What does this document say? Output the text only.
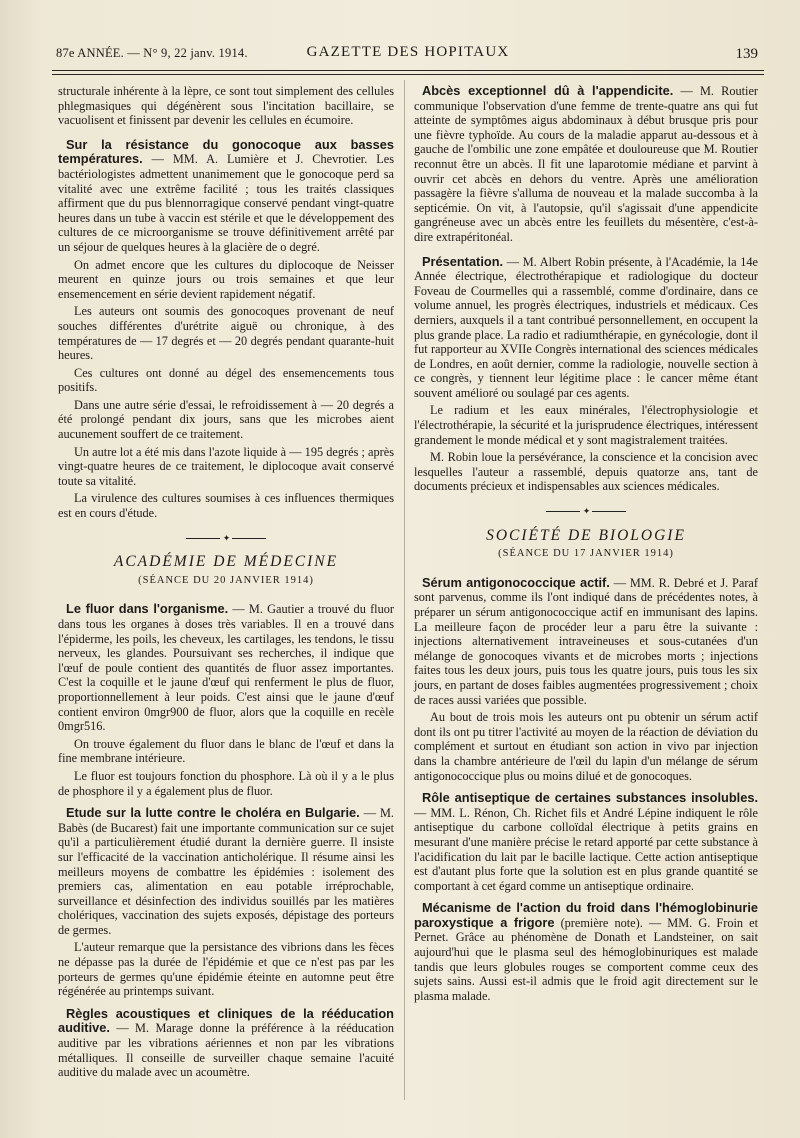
87e ANNÉE. — N° 9, 22 janv. 1914.	GAZETTE DES HOPITAUX	139

structurale inhérente à la lèpre, ce sont tout simplement des cellules phlegmasiques qui dégénèrent sous l'incitation bacillaire, se vacuolisent et finissent par devenir les cellules en écumoire.

Sur la résistance du gonocoque aux basses températures. — MM. A. Lumière et J. Chevrotier. Les bactériologistes admettent unanimement que le gonocoque perd sa vitalité avec une extrême facilité ; tous les traités classiques affirment que du pus blennorragique conservé pendant vingt-quatre heures dans un tube à vaccin est stérile et que le développement des cultures de ce microorganisme se trouve définitivement arrêté par un séjour de quelques heures à la glacière de o degré.

On admet encore que les cultures du diplocoque de Neisser meurent en quinze jours ou trois semaines et que leur ensemencement en série devient rapidement négatif.

Les auteurs ont soumis des gonocoques provenant de neuf souches différentes d'urétrite aiguë ou chronique, à des températures de — 17 degrés et — 20 degrés pendant quarante-huit heures.

Ces cultures ont donné au dégel des ensemencements tous positifs.

Dans une autre série d'essai, le refroidissement à — 20 degrés a été prolongé pendant dix jours, sans que les microbes aient aucunement souffert de ce traitement.

Un autre lot a été mis dans l'azote liquide à — 195 degrés ; après vingt-quatre heures de ce traitement, le diplocoque avait conservé toute sa vitalité.

La virulence des cultures soumises à ces influences thermiques est en cours d'étude.

✦

ACADÉMIE DE MÉDECINE

(SÉANCE DU 20 JANVIER 1914)

Le fluor dans l'organisme. — M. Gautier a trouvé du fluor dans tous les organes à doses très variables. Il en a trouvé dans l'épiderme, les poils, les cheveux, les cartilages, les tendons, le tissu nerveux, les glandes. Poursuivant ses recherches, il indique que l'œuf de poule contient des quantités de fluor assez importantes. C'est la coquille et le jaune d'œuf qui renferment le plus de fluor, proportionnellement à leur poids. C'est ainsi que le jaune d'œuf contient environ 0mgr900 de fluor, alors que la coquille en recèle 0mgr516.

On trouve également du fluor dans le blanc de l'œuf et dans la fine membrane intérieure.

Le fluor est toujours fonction du phosphore. Là où il y a le plus de phosphore il y a également plus de fluor.

Etude sur la lutte contre le choléra en Bulgarie. — M. Babès (de Bucarest) fait une importante communication sur ce sujet qu'il a particulièrement étudié durant la dernière guerre. Il insiste sur l'efficacité de la vaccination anticholérique. Il résume ainsi les meilleurs moyens de combattre les épidémies : isolement des premiers cas, alimentation en eau potable irréprochable, surveillance et désinfection des individus souillés par les matières cholériques, vaccination des sujets exposés, dépistage des porteurs de germes.

L'auteur remarque que la persistance des vibrions dans les fèces ne dépasse pas la durée de l'épidémie et que ce n'est pas par les porteurs de germes qu'une épidémie éteinte en automne peut être régénérée au printemps suivant.

Règles acoustiques et cliniques de la rééducation auditive. — M. Marage donne la préférence à la rééducation auditive par les vibrations aériennes et non par les vibrations métalliques. Il conseille de surveiller chaque semaine l'acuité auditive du malade avec un acoumètre.

Abcès exceptionnel dû à l'appendicite. — M. Routier communique l'observation d'une femme de trente-quatre ans qui fut atteinte de symptômes aigus abdominaux à début brusque pris pour une fièvre typhoïde. Au cours de la maladie apparut au-dessous et à gauche de l'ombilic une zone empâtée et douloureuse que M. Routier reconnut être un abcès. Il fit une laparotomie médiane et parvint à ouvrir cet abcès en dehors du ventre. Après une amélioration passagère la fièvre s'alluma de nouveau et la malade succomba à la septicémie. On vit, à l'autopsie, qu'il s'agissait d'une appendicite gangréneuse avec un abcès entre les feuillets du mésentère, c'est-à-dire extrapéritonéal.

Présentation. — M. Albert Robin présente, à l'Académie, la 14e Année électrique, électrothérapique et radiologique du docteur Foveau de Courmelles qui a rassemblé, comme d'ordinaire, dans ce volume annuel, les progrès électriques, industriels et médicaux. Ces derniers, auxquels il a tant contribué personnellement, en occupent la plus grande place. La radio et radiumthérapie, en gynécologie, dont il fut rapporteur au XVIIe Congrès international des sciences médicales de Londres, en août dernier, comme la radiologie, nouvelle section à ce congrès, y tiennent leur légitime place : le cancer même étant souvent amélioré ou soulagé par ces agents.

Le radium et les eaux minérales, l'électrophysiologie et l'électrothérapie, la sécurité et la jurisprudence électriques, intéressent grandement le monde médical et y sont magistralement traitées.

M. Robin loue la persévérance, la conscience et la concision avec lesquelles l'auteur a rassemblé, depuis quatorze ans, tant de documents précieux et indispensables aux sciences médicales.

✦

SOCIÉTÉ DE BIOLOGIE

(SÉANCE DU 17 JANVIER 1914)

Sérum antigonococcique actif. — MM. R. Debré et J. Paraf sont parvenus, comme ils l'ont indiqué dans de précédentes notes, à préparer un sérum antigonococcique actif en immunisant des lapins. La meilleure façon de procéder leur a paru être la suivante : injections alternativement intraveineuses et sous-cutanées d'un mélange de gonocoques vivants et de microbes morts ; injections faites tous les deux jours, puis tous les quatre jours, puis tous les six jours, en partant de doses faibles augmentées progressivement ; choix de races aussi variées que possible.

Au bout de trois mois les auteurs ont pu obtenir un sérum actif dont ils ont pu titrer l'activité au moyen de la réaction de déviation du complément et surtout en étudiant son action in vivo par injection dans la chambre antérieure de l'œil du lapin d'un mélange de sérum antigonococcique plus ou moins dilué et de gonocoques.

Rôle antiseptique de certaines substances insolubles. — MM. L. Rénon, Ch. Richet fils et André Lépine indiquent le rôle antiseptique du carbone colloïdal électrique à petits grains en mesurant d'une manière précise le retard apporté par cette substance à l'acidification du lait par le bacille lactique. Cette action antiseptique est d'autant plus forte que la solution est en plus grande quantité se comportant à cet égard comme un antiseptique ordinaire.

Mécanisme de l'action du froid dans l'hémoglobinurie paroxystique a frigore (première note). — MM. G. Froin et Pernet. Grâce au phénomène de Donath et Landsteiner, on sait aujourd'hui que le plasma seul des hémoglobinuriques est malade tandis que leurs globules rouges se comportent comme ceux des sujets sains. Aussi est-il admis que le froid agit directement sur le plasma malade.
